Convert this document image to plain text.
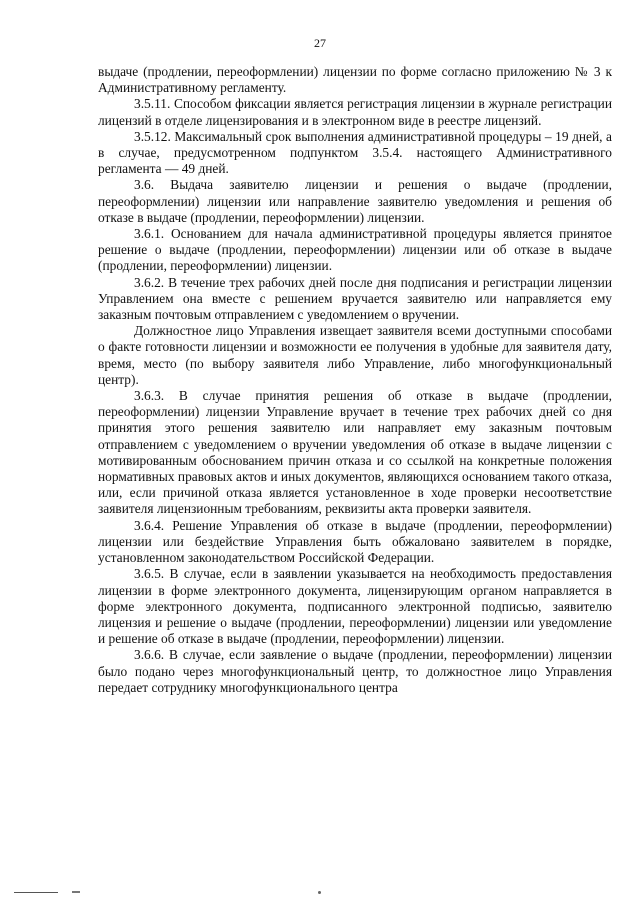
27

выдаче (продлении, переоформлении) лицензии по форме согласно приложению № 3 к Административному регламенту.

3.5.11. Способом фиксации является регистрация лицензии в журнале регистрации лицензий в отделе лицензирования и в электронном виде в реестре лицензий.

3.5.12. Максимальный срок выполнения административной процедуры – 19 дней, а в случае, предусмотренном подпунктом 3.5.4. настоящего Административного регламента — 49 дней.

3.6. Выдача заявителю лицензии и решения о выдаче (продлении, переоформлении) лицензии или направление заявителю уведомления и решения об отказе в выдаче (продлении, переоформлении) лицензии.

3.6.1. Основанием для начала административной процедуры является принятое решение о выдаче (продлении, переоформлении) лицензии или об отказе в выдаче (продлении, переоформлении) лицензии.

3.6.2. В течение трех рабочих дней после дня подписания и регистрации лицензии Управлением она вместе с решением вручается заявителю или направляется ему заказным почтовым отправлением с уведомлением о вручении.

Должностное лицо Управления извещает заявителя всеми доступными способами о факте готовности лицензии и возможности ее получения в удобные для заявителя дату, время, место (по выбору заявителя либо Управление, либо многофункциональный центр).

3.6.3. В случае принятия решения об отказе в выдаче (продлении, переоформлении) лицензии Управление вручает в течение трех рабочих дней со дня принятия этого решения заявителю или направляет ему заказным почтовым отправлением с уведомлением о вручении уведомления об отказе в выдаче лицензии с мотивированным обоснованием причин отказа и со ссылкой на конкретные положения нормативных правовых актов и иных документов, являющихся основанием такого отказа, или, если причиной отказа является установленное в ходе проверки несоответствие заявителя лицензионным требованиям, реквизиты акта проверки заявителя.

3.6.4. Решение Управления об отказе в выдаче (продлении, переоформлении) лицензии или бездействие Управления быть обжаловано заявителем в порядке, установленном законодательством Российской Федерации.

3.6.5. В случае, если в заявлении указывается на необходимость предоставления лицензии в форме электронного документа, лицензирующим органом направляется в форме электронного документа, подписанного электронной подписью, заявителю лицензия и решение о выдаче (продлении, переоформлении) лицензии или уведомление и решение об отказе в выдаче (продлении, переоформлении) лицензии.

3.6.6. В случае, если заявление о выдаче (продлении, переоформлении) лицензии было подано через многофункциональный центр, то должностное лицо Управления передает сотруднику многофункционального центра
